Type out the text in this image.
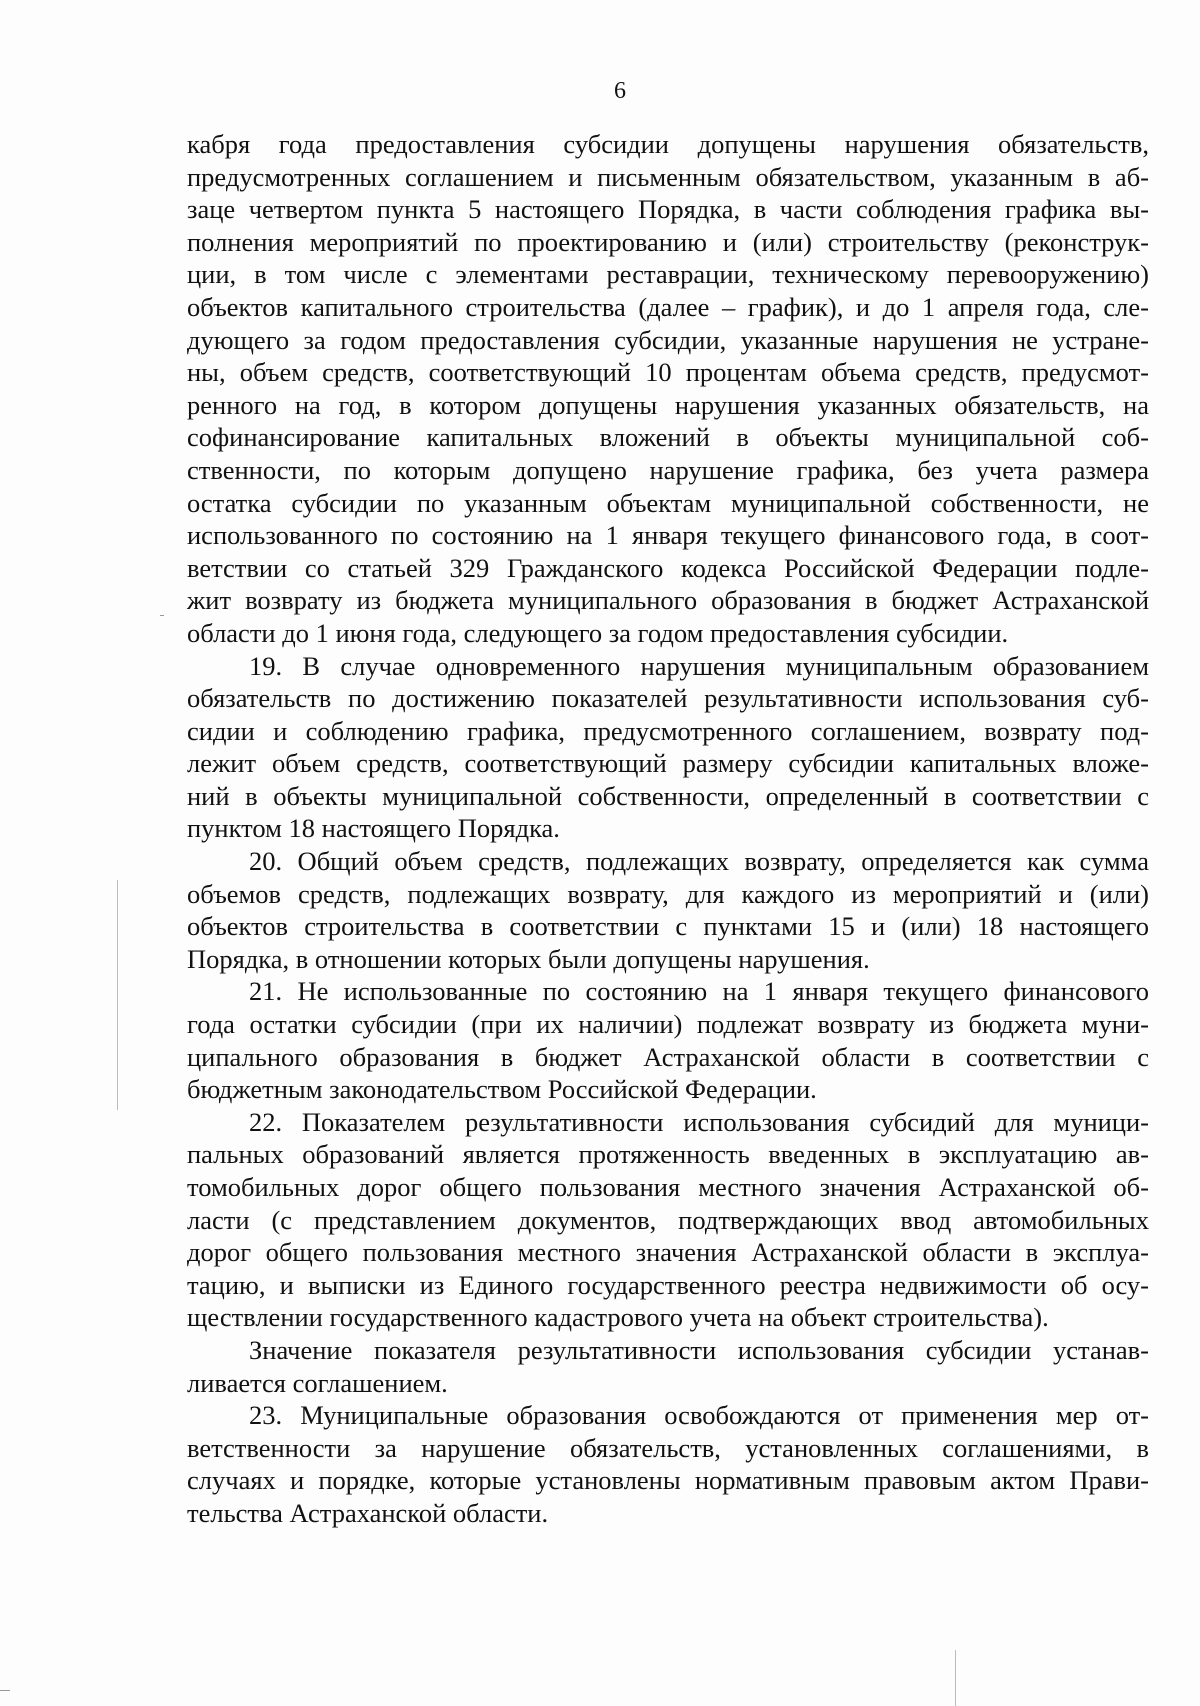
6
кабря года предоставления субсидии допущены нарушения обязательств,
предусмотренных соглашением и письменным обязательством, указанным в аб-
заце четвертом пункта 5 настоящего Порядка, в части соблюдения графика вы-
полнения мероприятий по проектированию и (или) строительству (реконструк-
ции, в том числе с элементами реставрации, техническому перевооружению)
объектов капитального строительства (далее – график), и до 1 апреля года, сле-
дующего за годом предоставления субсидии, указанные нарушения не устране-
ны, объем средств, соответствующий 10 процентам объема средств, предусмот-
ренного на год, в котором допущены нарушения указанных обязательств, на
софинансирование капитальных вложений в объекты муниципальной соб-
ственности, по которым допущено нарушение графика, без учета размера
остатка субсидии по указанным объектам муниципальной собственности, не
использованного по состоянию на 1 января текущего финансового года, в соот-
ветствии со статьей 329 Гражданского кодекса Российской Федерации подле-
жит возврату из бюджета муниципального образования в бюджет Астраханской
области до 1 июня года, следующего за годом предоставления субсидии.
19. В случае одновременного нарушения муниципальным образованием
обязательств по достижению показателей результативности использования суб-
сидии и соблюдению графика, предусмотренного соглашением, возврату под-
лежит объем средств, соответствующий размеру субсидии капитальных вложе-
ний в объекты муниципальной собственности, определенный в соответствии с
пунктом 18 настоящего Порядка.
20. Общий объем средств, подлежащих возврату, определяется как сумма
объемов средств, подлежащих возврату, для каждого из мероприятий и (или)
объектов строительства в соответствии с пунктами 15 и (или) 18 настоящего
Порядка, в отношении которых были допущены нарушения.
21. Не использованные по состоянию на 1 января текущего финансового
года остатки субсидии (при их наличии) подлежат возврату из бюджета муни-
ципального образования в бюджет Астраханской области в соответствии с
бюджетным законодательством Российской Федерации.
22. Показателем результативности использования субсидий для муници-
пальных образований является протяженность введенных в эксплуатацию ав-
томобильных дорог общего пользования местного значения Астраханской об-
ласти (с представлением документов, подтверждающих ввод автомобильных
дорог общего пользования местного значения Астраханской области в эксплуа-
тацию, и выписки из Единого государственного реестра недвижимости об осу-
ществлении государственного кадастрового учета на объект строительства).
Значение показателя результативности использования субсидии устанав-
ливается соглашением.
23. Муниципальные образования освобождаются от применения мер от-
ветственности за нарушение обязательств, установленных соглашениями, в
случаях и порядке, которые установлены нормативным правовым актом Прави-
тельства Астраханской области.
